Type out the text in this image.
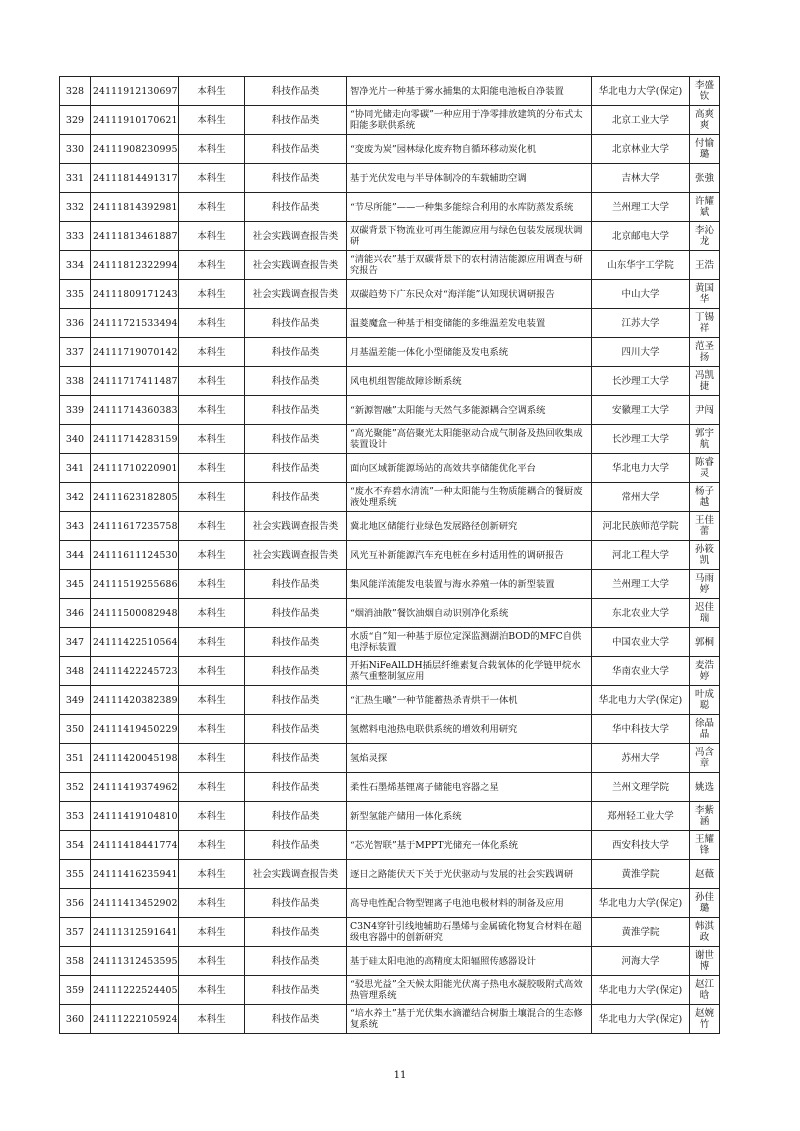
328	24111912130697	本科生	科技作品类	智净光片一种基于雾水捕集的太阳能电池板自净装置	华北电力大学(保定)	李盛钦
329	24111910170621	本科生	科技作品类	“协同光储走向零碳”一种应用于净零排放建筑的分布式太阳能多联供系统	北京工业大学	高爽爽
330	24111908230995	本科生	科技作品类	“变废为炭”园林绿化废弃物自循环移动炭化机	北京林业大学	付愉璐
331	24111814491317	本科生	科技作品类	基于光伏发电与半导体制冷的车载辅助空调	吉林大学	张強
332	24111814392981	本科生	科技作品类	“节尽所能”——一种集多能综合利用的水库防蒸发系统	兰州理工大学	许耀斌
333	24111813461887	本科生	社会实践调查报告类	双碳背景下物流业可再生能源应用与绿色包装发展现状调研	北京邮电大学	李沁龙
334	24111812322994	本科生	社会实践调查报告类	“清能兴农”基于双碳背景下的农村清洁能源应用调查与研究报告	山东华宇工学院	王浩
335	24111809171243	本科生	社会实践调查报告类	双碳趋势下广东民众对“海洋能”认知现状调研报告	中山大学	黄国华
336	24111721533494	本科生	科技作品类	温菱魔盒一种基于相变储能的多维温差发电装置	江苏大学	丁锡祥
337	24111719070142	本科生	科技作品类	月基温差能一体化小型储能及发电系统	四川大学	范圣扬
338	24111717411487	本科生	科技作品类	风电机组智能故障诊断系统	长沙理工大学	冯凯捷
339	24111714360383	本科生	科技作品类	“新源智融”太阳能与天然气多能源耦合空调系统	安徽理工大学	尹闯
340	24111714283159	本科生	科技作品类	“高光聚能”高倍聚光太阳能驱动合成气制备及热回收集成装置设计	长沙理工大学	郭宇航
341	24111710220901	本科生	科技作品类	面向区域新能源场站的高效共享储能优化平台	华北电力大学	陈睿灵
342	24111623182805	本科生	科技作品类	“废水不弃碧水清流”一种太阳能与生物质能耦合的餐厨废液处理系统	常州大学	杨子越
343	24111617235758	本科生	社会实践调查报告类	冀北地区储能行业绿色发展路径创新研究	河北民族师范学院	王佳蕾
344	24111611124530	本科生	社会实践调查报告类	风光互补新能源汽车充电桩在乡村适用性的调研报告	河北工程大学	孙筱凯
345	24111519255686	本科生	科技作品类	集风能洋流能发电装置与海水养殖一体的新型装置	兰州理工大学	马雨婷
346	24111500082948	本科生	科技作品类	“烟消油散”餐饮油烟自动识别净化系统	东北农业大学	迟佳瑞
347	24111422510564	本科生	科技作品类	水质“自”知一种基于原位定深监测湖泊BOD的MFC自供电浮标装置	中国农业大学	郭桐
348	24111422245723	本科生	科技作品类	开拓NiFeAlLDH插层纤维素复合载氧体的化学链甲烷水蒸气重整制氢应用	华南农业大学	麦浩婷
349	24111420382389	本科生	科技作品类	“汇热生曦”一种节能蓄热杀青烘干一体机	华北电力大学(保定)	叶成聪
350	24111419450229	本科生	科技作品类	氢燃料电池热电联供系统的增效利用研究	华中科技大学	徐晶晶
351	24111420045198	本科生	科技作品类	氢焰灵探	苏州大学	冯含章
352	24111419374962	本科生	科技作品类	柔性石墨烯基锂离子储能电容器之星	兰州文理学院	姚选
353	24111419104810	本科生	科技作品类	新型氢能产储用一体化系统	郑州轻工业大学	李紫涵
354	24111418441774	本科生	科技作品类	“芯光智联”基于MPPT光储充一体化系统	西安科技大学	王耀锋
355	24111416235941	本科生	社会实践调查报告类	逐日之路能伏天下关于光伏驱动与发展的社会实践调研	黄淮学院	赵薇
356	24111413452902	本科生	科技作品类	高导电性配合物型锂离子电池电极材料的制备及应用	华北电力大学(保定)	孙佳璐
357	24111312591641	本科生	科技作品类	C3N4穿针引线地辅助石墨烯与金属硫化物复合材料在超级电容器中的创新研究	黄淮学院	韩淇政
358	24111312453595	本科生	科技作品类	基于硅太阳电池的高精度太阳辐照传感器设计	河海大学	谢世博
359	24111222524405	本科生	科技作品类	“驳思光益”全天候太阳能光伏离子热电水凝胶吸附式高效热管理系统	华北电力大学(保定)	赵江晗
360	24111222105924	本科生	科技作品类	“培水养土”基于光伏集水滴灌结合树脂土壤混合的生态修复系统	华北电力大学(保定)	赵婉竹
11
